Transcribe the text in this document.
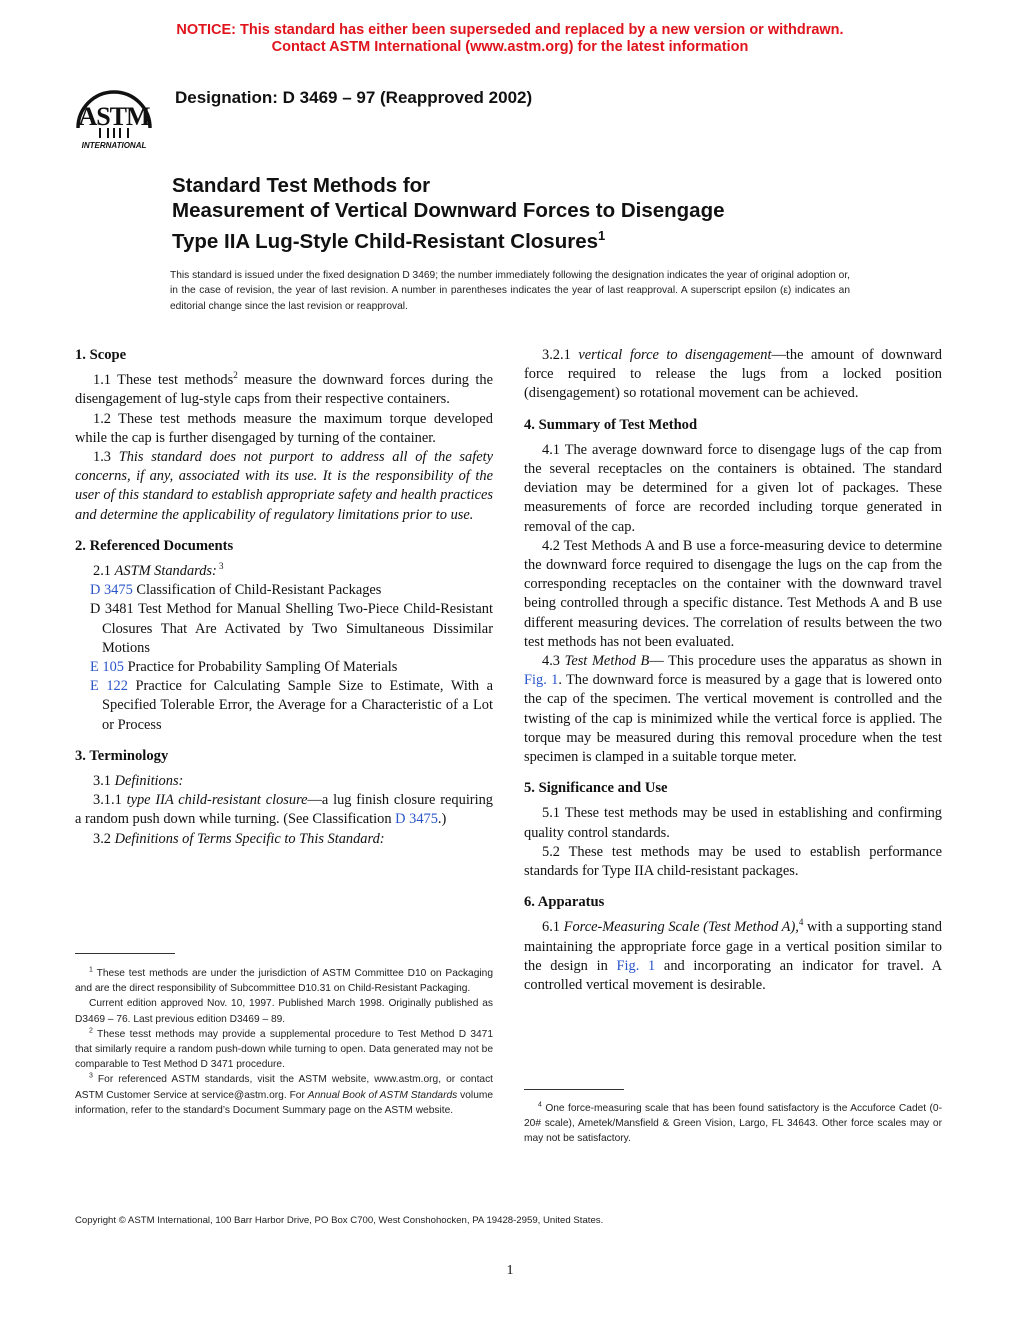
NOTICE: This standard has either been superseded and replaced by a new version or withdrawn.
Contact ASTM International (www.astm.org) for the latest information
ASTM
INTERNATIONAL
Designation: D 3469 – 97 (Reapproved 2002)
Standard Test Methods for
Measurement of Vertical Downward Forces to Disengage
Type IIA Lug-Style Child-Resistant Closures$^1$
This standard is issued under the fixed designation D 3469; the number immediately following the designation indicates the year of original adoption or, in the case of revision, the year of last revision. A number in parentheses indicates the year of last reapproval. A superscript epsilon (ε) indicates an editorial change since the last revision or reapproval.
1. Scope

1.1 These test methods$^2$ measure the downward forces during the disengagement of lug-style caps from their respective containers.

1.2 These test methods measure the maximum torque developed while the cap is further disengaged by turning of the container.

1.3 This standard does not purport to address all of the safety concerns, if any, associated with its use. It is the responsibility of the user of this standard to establish appropriate safety and health practices and determine the applicability of regulatory limitations prior to use.

2. Referenced Documents

2.1 ASTM Standards: $^3$

D 3475 Classification of Child-Resistant Packages

D 3481 Test Method for Manual Shelling Two-Piece Child-Resistant Closures That Are Activated by Two Simultaneous Dissimilar Motions

E 105 Practice for Probability Sampling Of Materials

E 122 Practice for Calculating Sample Size to Estimate, With a Specified Tolerable Error, the Average for a Characteristic of a Lot or Process

3. Terminology

3.1 Definitions:

3.1.1 type IIA child-resistant closure—a lug finish closure requiring a random push down while turning. (See Classification D 3475.)

3.2 Definitions of Terms Specific to This Standard:

3.2.1 vertical force to disengagement—the amount of downward force required to release the lugs from a locked position (disengagement) so rotational movement can be achieved.

4. Summary of Test Method

4.1 The average downward force to disengage lugs of the cap from the several receptacles on the containers is obtained. The standard deviation may be determined for a given lot of packages. These measurements of force are recorded including torque generated in removal of the cap.

4.2 Test Methods A and B use a force-measuring device to determine the downward force required to disengage the lugs on the cap from the corresponding receptacles on the container with the downward travel being controlled through a specific distance. Test Methods A and B use different measuring devices. The correlation of results between the two test methods has not been evaluated.

4.3 Test Method B— This procedure uses the apparatus as shown in Fig. 1. The downward force is measured by a gage that is lowered onto the cap of the specimen. The vertical movement is controlled and the twisting of the cap is minimized while the vertical force is applied. The torque may be measured during this removal procedure when the test specimen is clamped in a suitable torque meter.

5. Significance and Use

5.1 These test methods may be used in establishing and confirming quality control standards.

5.2 These test methods may be used to establish performance standards for Type IIA child-resistant packages.

6. Apparatus

6.1 Force-Measuring Scale (Test Method A),$^4$ with a supporting stand maintaining the appropriate force gage in a vertical position similar to the design in Fig. 1 and incorporating an indicator for travel. A controlled vertical movement is desirable.

$^1$ These test methods are under the jurisdiction of ASTM Committee D10 on Packaging and are the direct responsibility of Subcommittee D10.31 on Child-Resistant Packaging.

Current edition approved Nov. 10, 1997. Published March 1998. Originally published as D3469 – 76. Last previous edition D3469 – 89.

$^2$ These tesst methods may provide a supplemental procedure to Test Method D 3471 that similarly require a random push-down while turning to open. Data generated may not be comparable to Test Method D 3471 procedure.

$^3$ For referenced ASTM standards, visit the ASTM website, www.astm.org, or contact ASTM Customer Service at service@astm.org. For Annual Book of ASTM Standards volume information, refer to the standard’s Document Summary page on the ASTM website.	$^4$ One force-measuring scale that has been found satisfactory is the Accuforce Cadet (0-20# scale), Ametek/Mansfield & Green Vision, Largo, FL 34643. Other force scales may or may not be satisfactory.

Copyright © ASTM International, 100 Barr Harbor Drive, PO Box C700, West Conshohocken, PA 19428-2959, United States.
1
